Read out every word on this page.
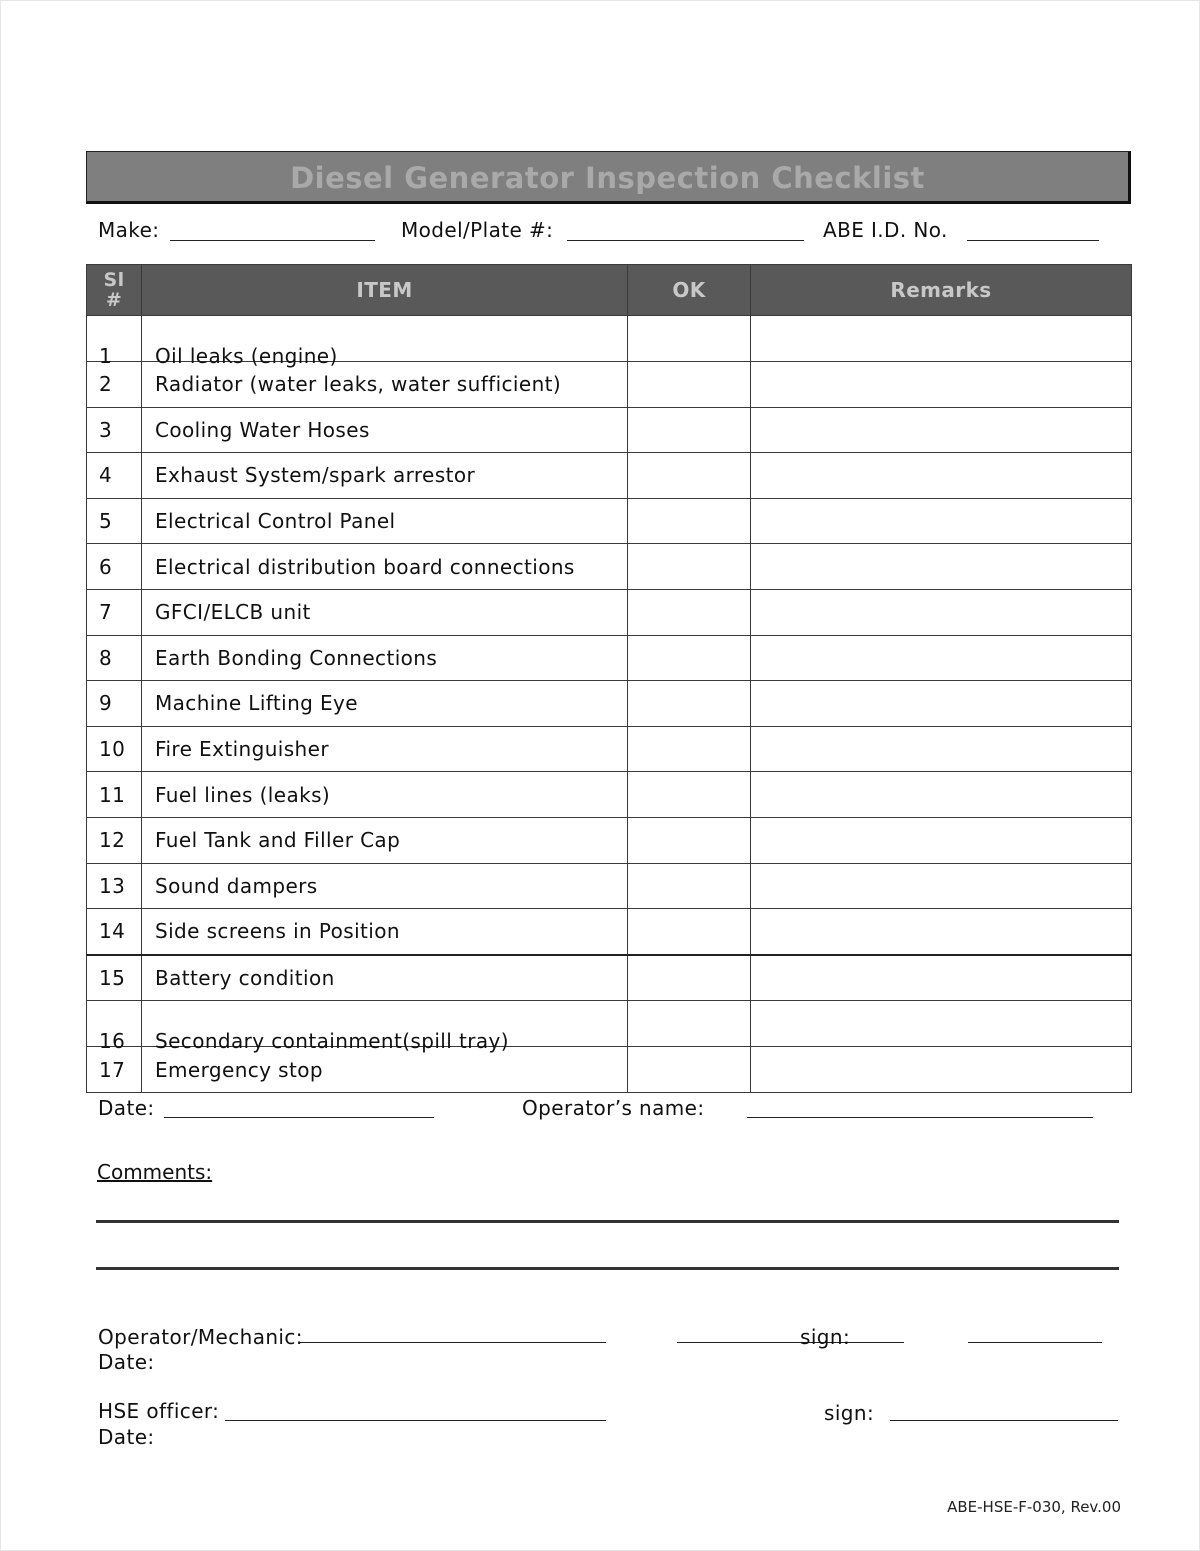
Diesel Generator Inspection Checklist
Make:	Model/Plate #:	ABE I.D. No.
Sl
#	ITEM	OK	Remarks
1	Oil leaks (engine)		
2	Radiator (water leaks, water sufficient)		
3	Cooling Water Hoses		
4	Exhaust System/spark arrestor		
5	Electrical Control Panel		
6	Electrical distribution board connections		
7	GFCI/ELCB unit		
8	Earth Bonding Connections		
9	Machine Lifting Eye		
10	Fire Extinguisher		
11	Fuel lines (leaks)		
12	Fuel Tank and Filler Cap		
13	Sound dampers		
14	Side screens in Position		
15	Battery condition		
16	Secondary containment(spill tray)		
17	Emergency stop		
Date:	Operator’s name:
Comments:
Operator/Mechanic:	sign:
Date:
HSE officer:	sign:
Date:
ABE-HSE-F-030, Rev.00
